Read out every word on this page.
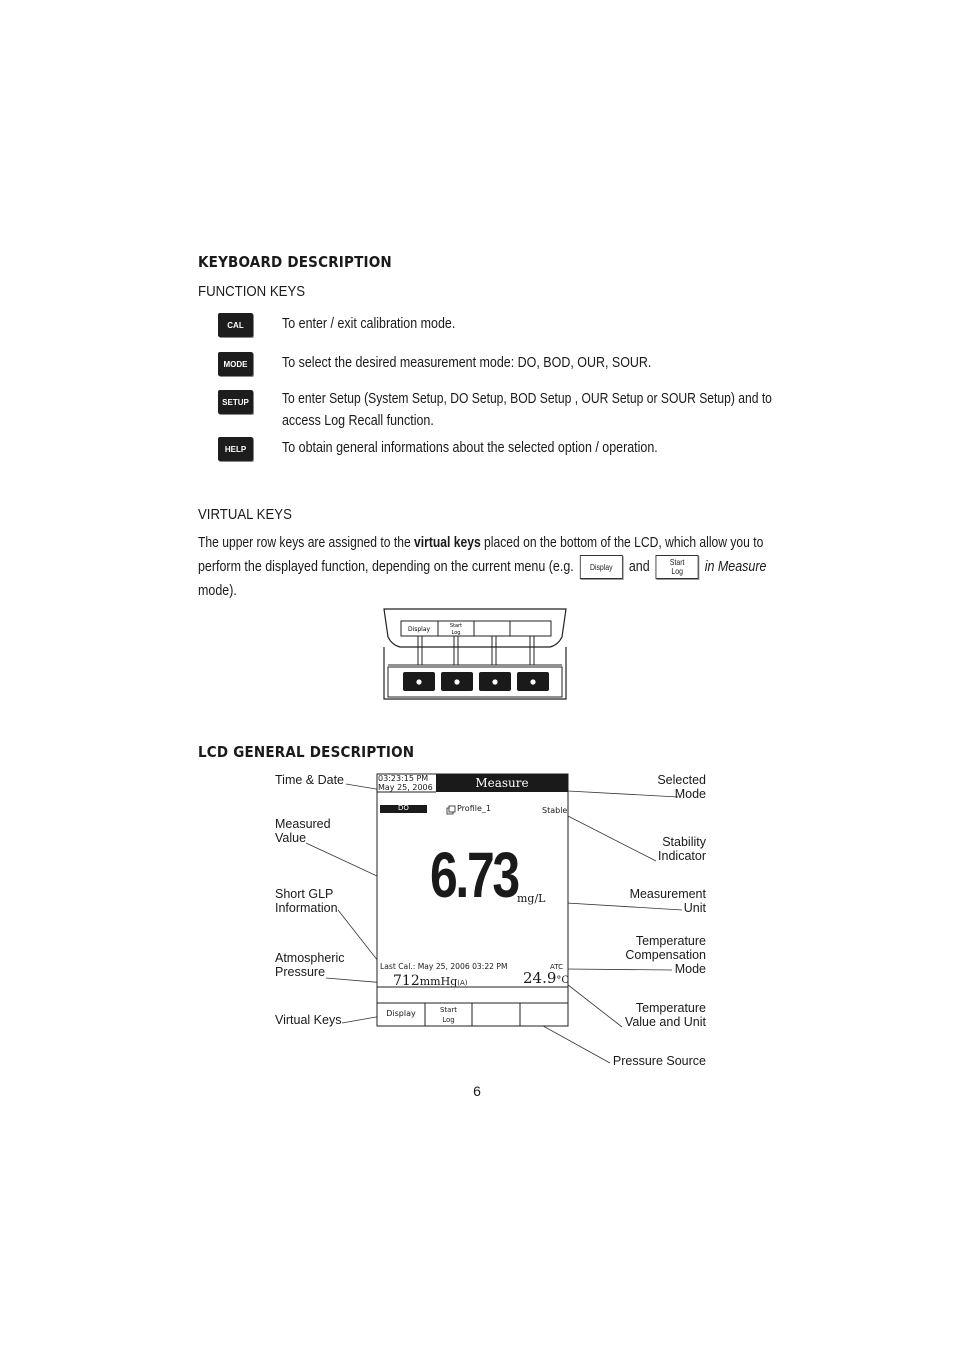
KEYBOARD DESCRIPTION
FUNCTION KEYS
CAL	To enter / exit calibration mode.
MODE	To select the desired measurement mode: DO, BOD, OUR, SOUR.
SETUP To enter Setup (System Setup, DO Setup, BOD Setup , OUR Setup or SOUR Setup) and to
access Log Recall function.
HELP	To obtain general informations about the selected option / operation.
VIRTUAL KEYS
The upper row keys are assigned to the virtual keys placed on the bottom of the LCD, which allow you to
perform the displayed function, depending on the current menu (e.g. Display and	Start
Log in Measure
mode).
Display	Start
Log
LCD GENERAL DESCRIPTION
03:23:15 PM
May 25, 2006	Measure
DO	Profile_1	Stable
6.73 mg/L
Last Cal.: May 25, 2006 03:22 PM
712mmHg(A)
ATC
24.9°C
Display	Start
Log
Time & Date
Measured
Value
Short GLP
Information
Atmospheric
Pressure
Virtual Keys
Selected
Mode
Stability
Indicator
Measurement
Unit
Temperature
Compensation
Mode
Temperature
Value and Unit
Pressure Source
6
